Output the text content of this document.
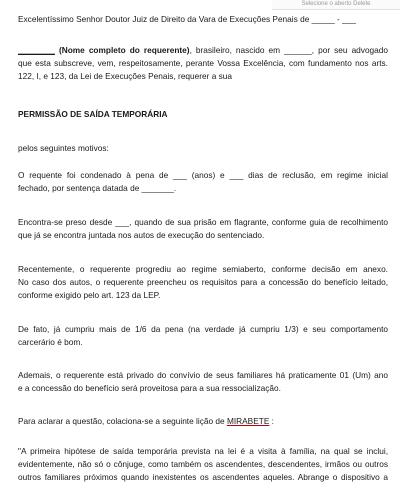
Selecione o aberto Delete
Excelentíssimo Senhor Doutor Juiz de Direito da Vara de Execuções Penais de _____ - ___
________ (Nome completo do requerente), brasileiro, nascido em ______, por seu advogado
que esta subscreve, vem, respeitosamente, perante Vossa Excelência, com fundamento nos arts.
122, I, e 123, da Lei de Execuções Penais, requerer a sua
PERMISSÃO DE SAÍDA TEMPORÁRIA
pelos seguintes motivos:
O requente foi condenado à pena de ___ (anos) e ___ dias de reclusão, em regime inicial
fechado, por sentença datada de _______.
Encontra-se preso desde ___, quando de sua prisão em flagrante, conforme guia de recolhimento
que já se encontra juntada nos autos de execução do sentenciado.
Recentemente, o requerente progrediu ao regime semiaberto, conforme decisão em anexo.
No caso dos autos, o requerente preencheu os requisitos para a concessão do benefício leitado,
conforme exigido pelo art. 123 da LEP.
De fato, já cumpriu mais de 1/6 da pena (na verdade já cumpriu 1/3) e seu comportamento
carcerário é bom.
Ademais, o requerente está privado do convívio de seus familiares há praticamente 01 (Um) ano
e a concessão do benefício será proveitosa para a sua ressocialização.
Para aclarar a questão, colaciona-se a seguinte lição de MIRABETE :
"A primeira hipótese de saída temporária prevista na lei é a visita à família, na qual se inclui,
evidentemente, não só o cônjuge, como também os ascendentes, descendentes, irmãos ou outros
outros familiares próximos quando inexistentes os ascendentes aqueles. Abrange o dispositivo a
